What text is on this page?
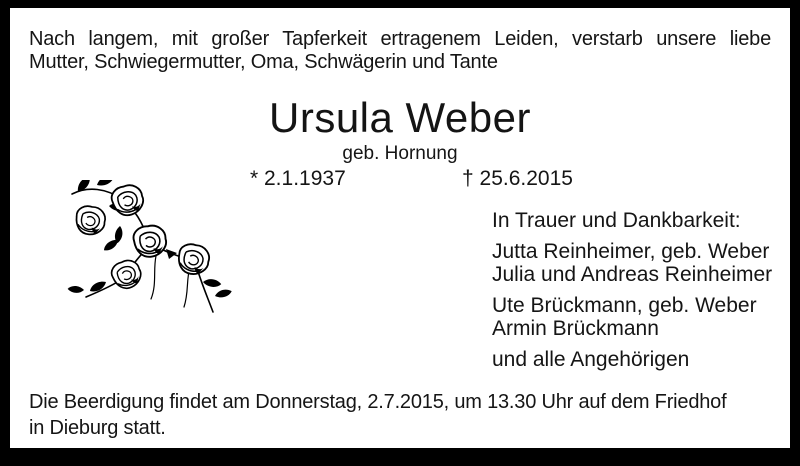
Nach langem, mit großer Tapferkeit ertragenem Leiden, verstarb unsere liebe
Mutter, Schwiegermutter, Oma, Schwägerin und Tante
Ursula Weber
geb. Hornung
* 2.1.1937	† 25.6.2015
In Trauer und Dankbarkeit:
Jutta Reinheimer, geb. Weber
Julia und Andreas Reinheimer
Ute Brückmann, geb. Weber
Armin Brückmann
und alle Angehörigen
Die Beerdigung findet am Donnerstag, 2.7.2015, um 13.30 Uhr auf dem Friedhof
in Dieburg statt.
